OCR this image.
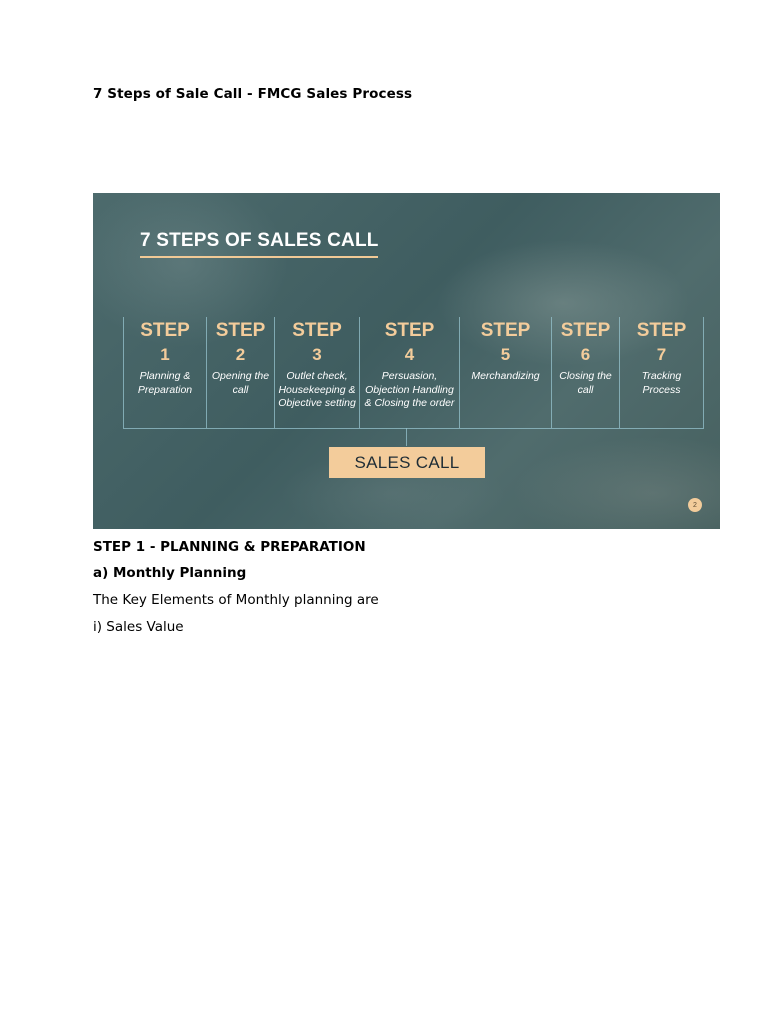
7 Steps of Sale Call - FMCG Sales Process
7 STEPS OF SALES CALL
STEP
1
Planning & Preparation
STEP
2
Opening the call
STEP
3
Outlet check, Housekeeping & Objective setting
STEP
4
Persuasion, Objection Handling & Closing the order
STEP
5
Merchandizing
STEP
6
Closing the call
STEP
7
Tracking Process
SALES CALL
2
STEP 1 - PLANNING & PREPARATION
a) Monthly Planning
The Key Elements of Monthly planning are
i) Sales Value
